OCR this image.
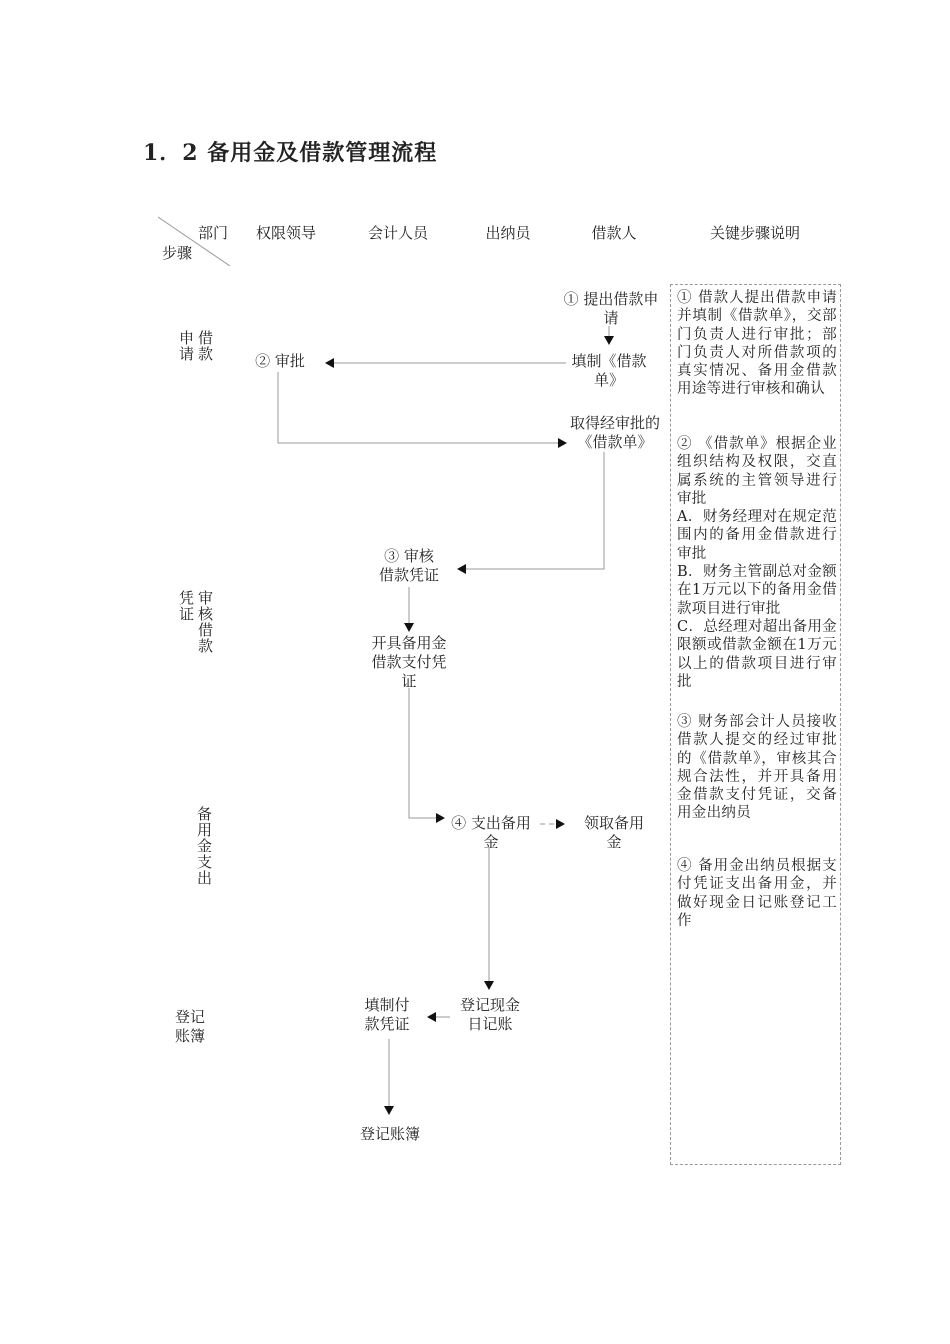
1．2 备用金及借款管理流程
部门
步骤
权限领导	会计人员	出纳员	借款人	关键步骤说明
借款申请
审核借款凭证
备用金支出
登记
账簿
① 提出借款申
请
填制《借款
单》
② 审批
取得经审批的
《借款单》
③ 审核
借款凭证
开具备用金
借款支付凭
证
④ 支出备用
金
领取备用
金
登记现金
日记账
填制付
款凭证
登记账簿
① 借款人提出借款申请并填制《借款单》，交部门负责人进行审批；部门负责人对所借款项的真实情况、备用金借款用途等进行审核和确认
② 《借款单》根据企业组织结构及权限，交直属系统的主管领导进行审批
A．财务经理对在规定范围内的备用金借款进行审批
B．财务主管副总对金额在1万元以下的备用金借款项目进行审批
C．总经理对超出备用金限额或借款金额在1万元以上的借款项目进行审批
③ 财务部会计人员接收借款人提交的经过审批的《借款单》，审核其合规合法性，并开具备用金借款支付凭证，交备用金出纳员
④ 备用金出纳员根据支付凭证支出备用金，并做好现金日记账登记工作
